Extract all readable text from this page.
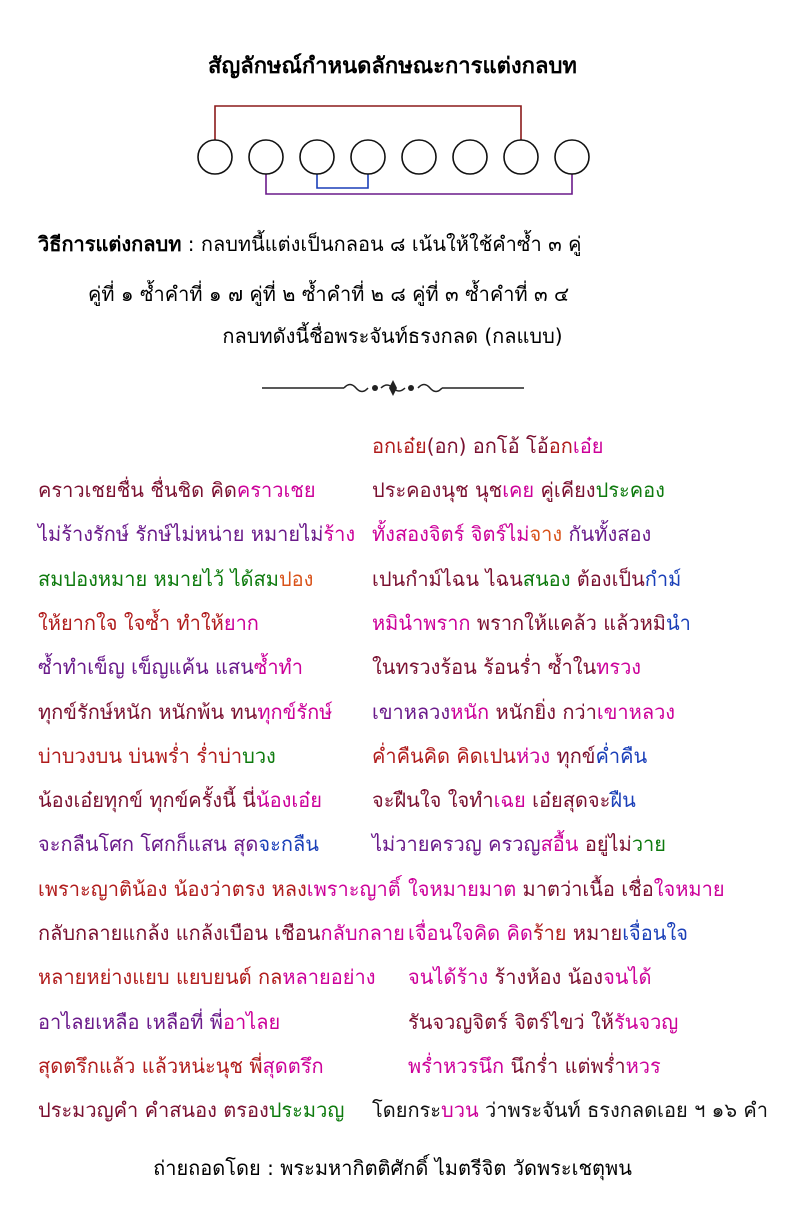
สัญลักษณ์กำหนดลักษณะการแต่งกลบท
วิธีการแต่งกลบท : กลบทนี้แต่งเป็นกลอน ๘ เน้นให้ใช้คำซ้ำ ๓ คู่
คู่ที่ ๑ ซ้ำคำที่ ๑ ๗ คู่ที่ ๒ ซ้ำคำที่ ๒ ๘ คู่ที่ ๓ ซ้ำคำที่ ๓ ๔
กลบทดังนี้ชื่อพระจันท์ธรงกลด (กลแบบ)
อกเอ๋ย(อก) อกโอ้ โอ้อกเอ๋ย
คราวเชยชื่น ชื่นชิด คิดคราวเชย
ไม่ร้างรักษ์ รักษ์ไม่หน่าย หมายไม่ร้าง
สมปองหมาย หมายไว้ ได้สมปอง
ให้ยากใจ ใจซ้ำ ทำให้ยาก
ซ้ำทำเข็ญ เข็ญแค้น แสนซ้ำทำ
ทุกข์รักษ์หนัก หนักพ้น ทนทุกข์รักษ์
บ่าบวงบน บ่นพร่ำ ร่ำบ่าบวง
น้องเอ๋ยทุกข์ ทุกข์ครั้งนี้ นี่น้องเอ๋ย
จะกลืนโศก โศกก็แสน สุดจะกลืน
เพราะญาติน้อง น้องว่าตรง หลงเพราะญาติ์
กลับกลายแกล้ง แกล้งเบือน เชือนกลับกลาย
หลายหย่างแยบ แยบยนต์ กลหลายอย่าง
อาไลยเหลือ เหลือที่ พี่อาไลย
สุดตรึกแล้ว แล้วหน่ะนุช พี่สุดตรึก
ประมวญคำ คำสนอง ตรองประมวญ
ประคองนุช นุชเคย คู่เคียงประคอง
ทั้งสองจิตร์ จิตร์ไม่จาง กันทั้งสอง
เปนกำม์ไฉน ไฉนสนอง ต้องเป็นกำม์
หมินำพราก พรากให้แคล้ว แล้วหมินำ
ในทรวงร้อน ร้อนร่ำ ซ้ำในทรวง
เขาหลวงหนัก หนักยิ่ง กว่าเขาหลวง
ค่ำคืนคิด คิดเปนห่วง ทุกข์ค่ำคืน
จะฝืนใจ ใจทำเฉย เอ๋ยสุดจะฝืน
ไม่วายครวญ ครวญสอื้น อยู่ไม่วาย
ใจหมายมาต มาตว่าเนื้อ เชื่อใจหมาย
เจื่อนใจคิด คิดร้าย หมายเจื่อนใจ
จนได้ร้าง ร้างห้อง น้องจนได้
รันจวญจิตร์ จิตร์ไขว่ ให้รันจวญ
พร่ำหวรนึก นึกร่ำ แต่พร่ำหวร
โดยกระบวน ว่าพระจันท์ ธรงกลดเอย ฯ ๑๖ คำ
ถ่ายถอดโดย : พระมหากิตติศักดิ์ ไมตรีจิต วัดพระเชตุพน
